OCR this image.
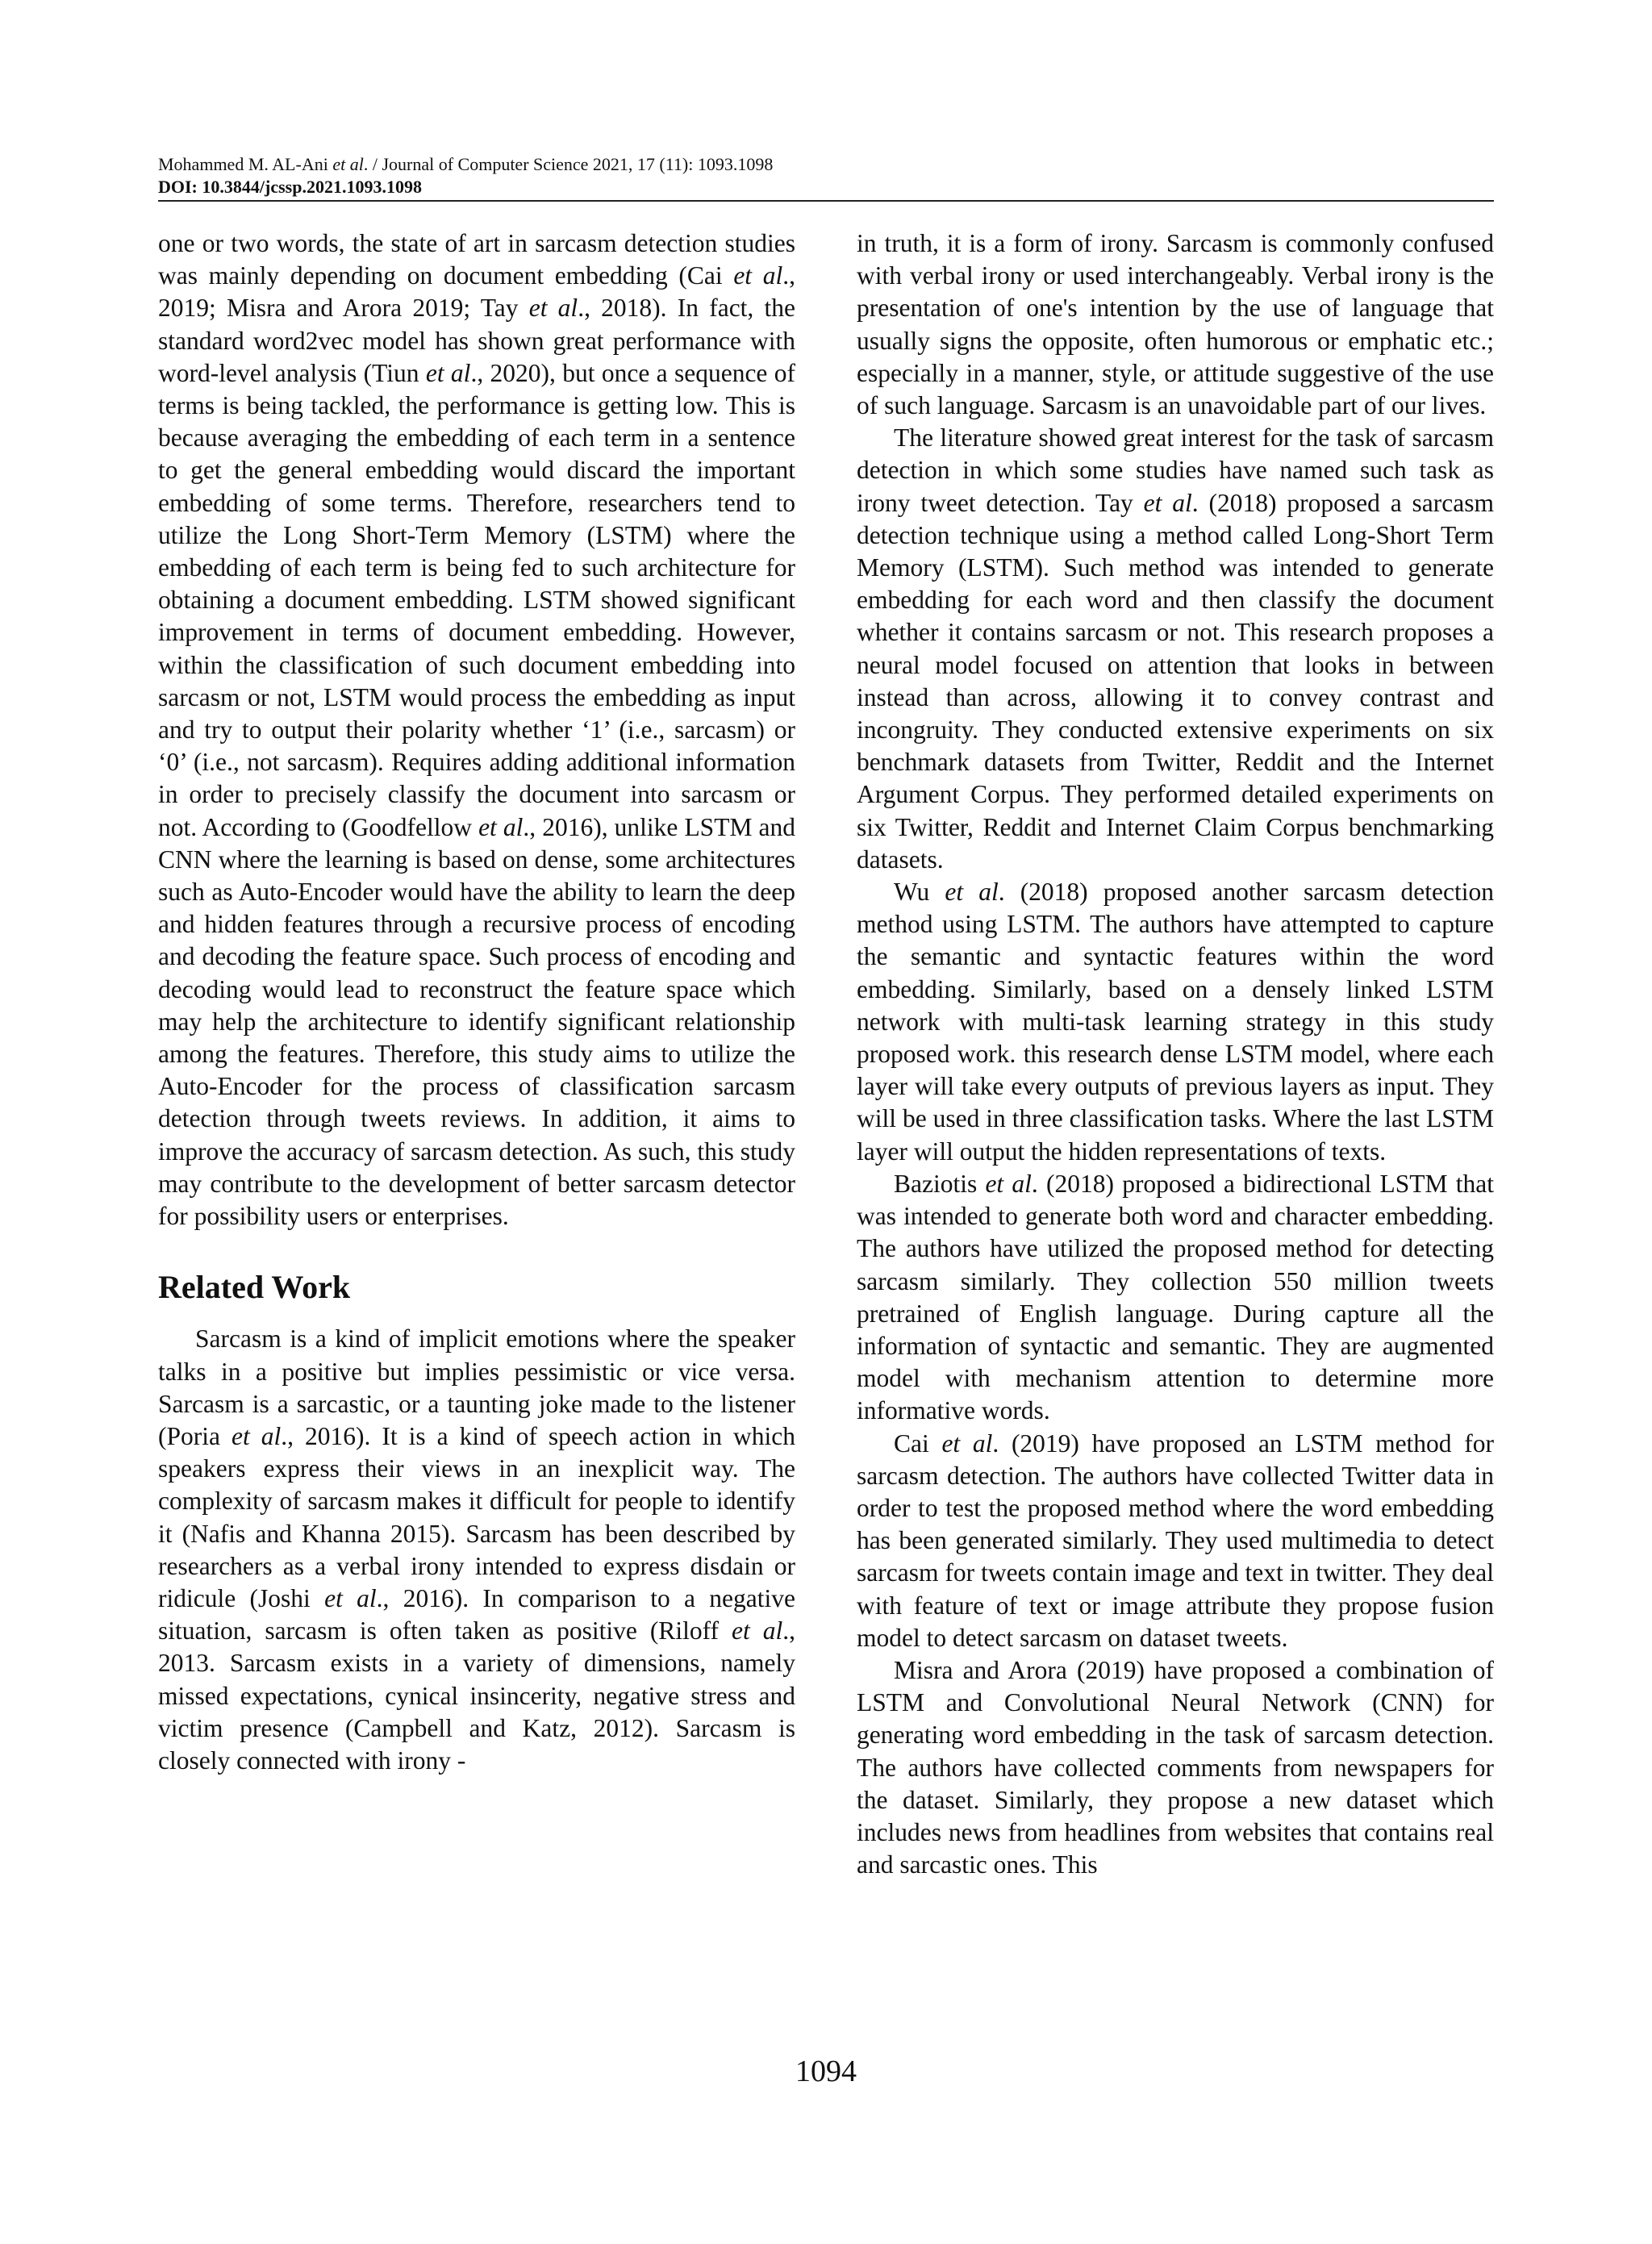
Mohammed M. AL-Ani et al. / Journal of Computer Science 2021, 17 (11): 1093.1098
DOI: 10.3844/jcssp.2021.1093.1098

one or two words, the state of art in sarcasm detection studies was mainly depending on document embedding (Cai et al., 2019; Misra and Arora 2019; Tay et al., 2018). In fact, the standard word2vec model has shown great performance with word-level analysis (Tiun et al., 2020), but once a sequence of terms is being tackled, the performance is getting low. This is because averaging the embedding of each term in a sentence to get the general embedding would discard the important embedding of some terms. Therefore, researchers tend to utilize the Long Short-Term Memory (LSTM) where the embedding of each term is being fed to such architecture for obtaining a document embedding. LSTM showed significant improvement in terms of document embedding. However, within the classification of such document embedding into sarcasm or not, LSTM would process the embedding as input and try to output their polarity whether ‘1’ (i.e., sarcasm) or ‘0’ (i.e., not sarcasm). Requires adding additional information in order to precisely classify the document into sarcasm or not. According to (Goodfellow et al., 2016), unlike LSTM and CNN where the learning is based on dense, some architectures such as Auto-Encoder would have the ability to learn the deep and hidden features through a recursive process of encoding and decoding the feature space. Such process of encoding and decoding would lead to reconstruct the feature space which may help the architecture to identify significant relationship among the features. Therefore, this study aims to utilize the Auto-Encoder for the process of classification sarcasm detection through tweets reviews. In addition, it aims to improve the accuracy of sarcasm detection. As such, this study may contribute to the development of better sarcasm detector for possibility users or enterprises.

Related Work

Sarcasm is a kind of implicit emotions where the speaker talks in a positive but implies pessimistic or vice versa. Sarcasm is a sarcastic, or a taunting joke made to the listener (Poria et al., 2016). It is a kind of speech action in which speakers express their views in an inexplicit way. The complexity of sarcasm makes it difficult for people to identify it (Nafis and Khanna 2015). Sarcasm has been described by researchers as a verbal irony intended to express disdain or ridicule (Joshi et al., 2016). In comparison to a negative situation, sarcasm is often taken as positive (Riloff et al., 2013. Sarcasm exists in a variety of dimensions, namely missed expectations, cynical insincerity, negative stress and victim presence (Campbell and Katz, 2012). Sarcasm is closely connected with irony -

in truth, it is a form of irony. Sarcasm is commonly confused with verbal irony or used interchangeably. Verbal irony is the presentation of one's intention by the use of language that usually signs the opposite, often humorous or emphatic etc.; especially in a manner, style, or attitude suggestive of the use of such language. Sarcasm is an unavoidable part of our lives.

The literature showed great interest for the task of sarcasm detection in which some studies have named such task as irony tweet detection. Tay et al. (2018) proposed a sarcasm detection technique using a method called Long-Short Term Memory (LSTM). Such method was intended to generate embedding for each word and then classify the document whether it contains sarcasm or not. This research proposes a neural model focused on attention that looks in between instead than across, allowing it to convey contrast and incongruity. They conducted extensive experiments on six benchmark datasets from Twitter, Reddit and the Internet Argument Corpus. They performed detailed experiments on six Twitter, Reddit and Internet Claim Corpus benchmarking datasets.

Wu et al. (2018) proposed another sarcasm detection method using LSTM. The authors have attempted to capture the semantic and syntactic features within the word embedding. Similarly, based on a densely linked LSTM network with multi-task learning strategy in this study proposed work. this research dense LSTM model, where each layer will take every outputs of previous layers as input. They will be used in three classification tasks. Where the last LSTM layer will output the hidden representations of texts.

Baziotis et al. (2018) proposed a bidirectional LSTM that was intended to generate both word and character embedding. The authors have utilized the proposed method for detecting sarcasm similarly. They collection 550 million tweets pretrained of English language. During capture all the information of syntactic and semantic. They are augmented model with mechanism attention to determine more informative words.

Cai et al. (2019) have proposed an LSTM method for sarcasm detection. The authors have collected Twitter data in order to test the proposed method where the word embedding has been generated similarly. They used multimedia to detect sarcasm for tweets contain image and text in twitter. They deal with feature of text or image attribute they propose fusion model to detect sarcasm on dataset tweets.

Misra and Arora (2019) have proposed a combination of LSTM and Convolutional Neural Network (CNN) for generating word embedding in the task of sarcasm detection. The authors have collected comments from newspapers for the dataset. Similarly, they propose a new dataset which includes news from headlines from websites that contains real and sarcastic ones. This

1094
